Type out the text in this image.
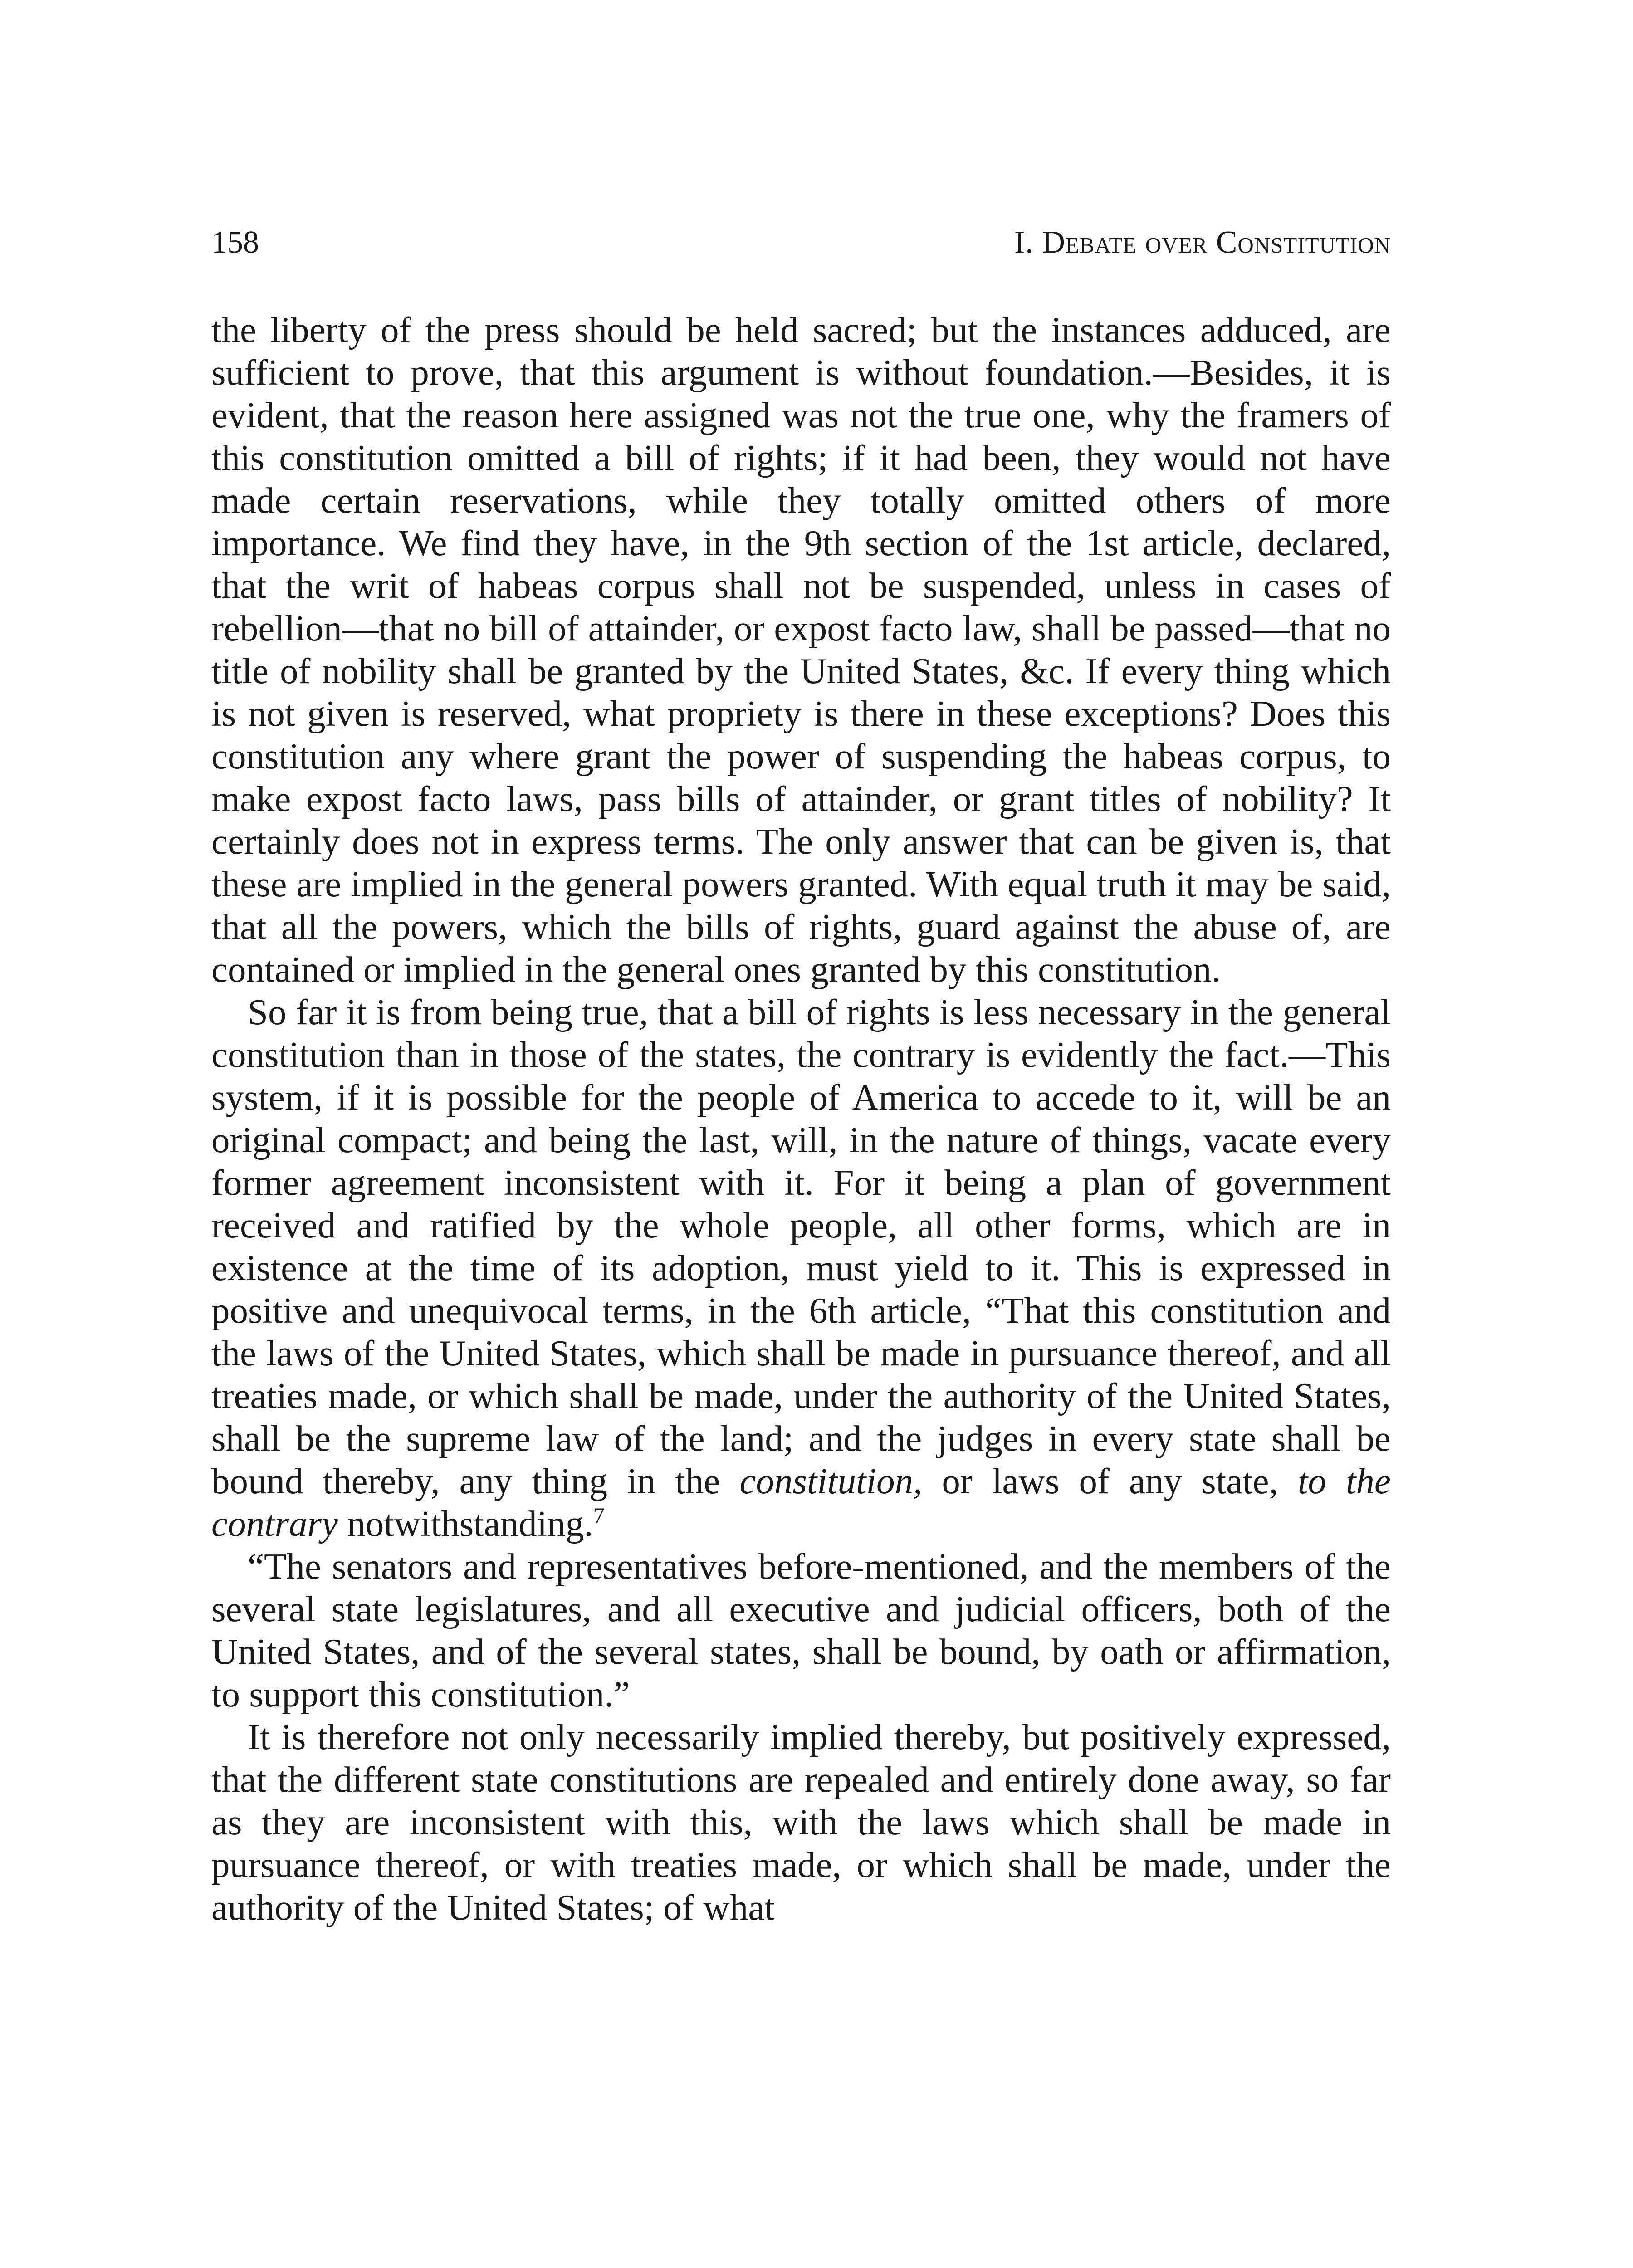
158	I. Debate over Constitution

the liberty of the press should be held sacred; but the instances adduced, are sufficient to prove, that this argument is without foundation.—Besides, it is evident, that the reason here assigned was not the true one, why the framers of this constitution omitted a bill of rights; if it had been, they would not have made certain reservations, while they totally omitted others of more importance. We find they have, in the 9th section of the 1st article, declared, that the writ of habeas corpus shall not be suspended, unless in cases of rebellion—that no bill of attainder, or expost facto law, shall be passed—that no title of nobility shall be granted by the United States, &c. If every thing which is not given is reserved, what propriety is there in these exceptions? Does this constitution any where grant the power of suspending the habeas corpus, to make expost facto laws, pass bills of attainder, or grant titles of nobility? It certainly does not in express terms. The only answer that can be given is, that these are implied in the general powers granted. With equal truth it may be said, that all the powers, which the bills of rights, guard against the abuse of, are contained or implied in the general ones granted by this constitution.

So far it is from being true, that a bill of rights is less necessary in the general constitution than in those of the states, the contrary is evidently the fact.—This system, if it is possible for the people of America to accede to it, will be an original compact; and being the last, will, in the nature of things, vacate every former agreement inconsistent with it. For it being a plan of government received and ratified by the whole people, all other forms, which are in existence at the time of its adoption, must yield to it. This is expressed in positive and unequivocal terms, in the 6th article, “That this constitution and the laws of the United States, which shall be made in pursuance thereof, and all treaties made, or which shall be made, under the authority of the United States, shall be the supreme law of the land; and the judges in every state shall be bound thereby, any thing in the constitution, or laws of any state, to the contrary notwithstanding.$^7$

“The senators and representatives before-mentioned, and the members of the several state legislatures, and all executive and judicial officers, both of the United States, and of the several states, shall be bound, by oath or affirmation, to support this constitution.”

It is therefore not only necessarily implied thereby, but positively expressed, that the different state constitutions are repealed and entirely done away, so far as they are inconsistent with this, with the laws which shall be made in pursuance thereof, or with treaties made, or which shall be made, under the authority of the United States; of what
